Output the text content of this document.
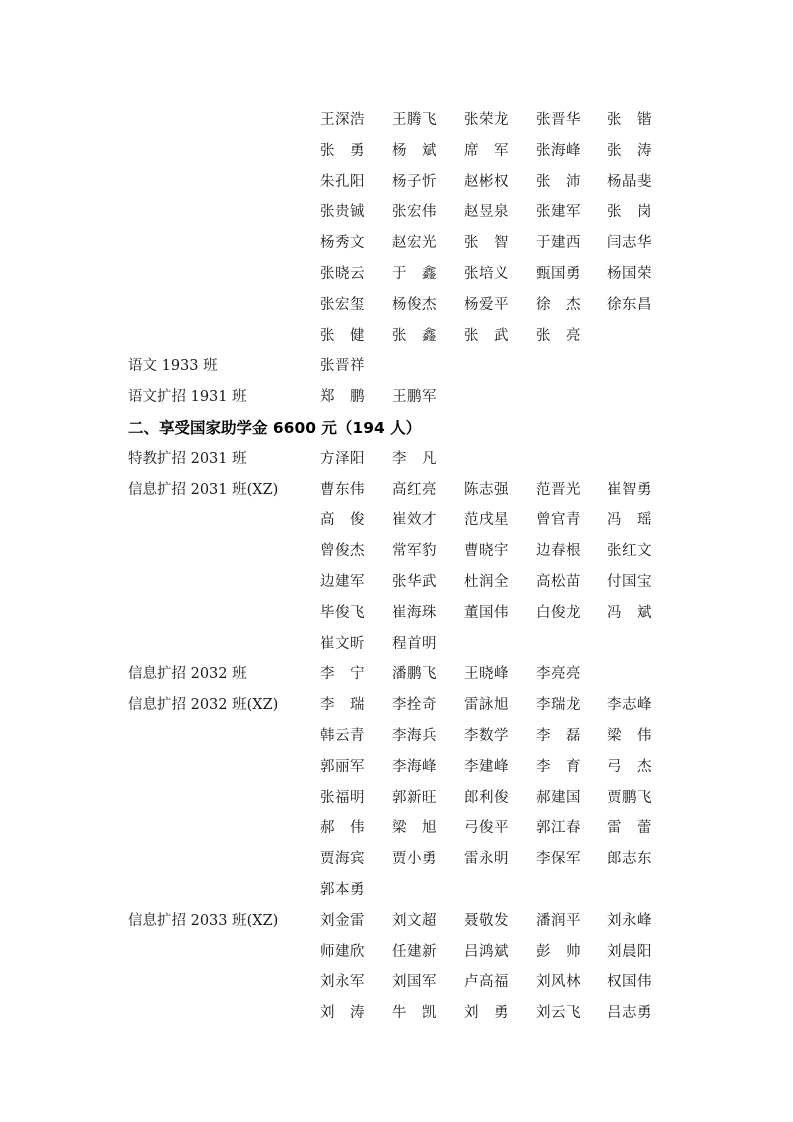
王深浩 王腾飞 张荣龙 张晋华 张　锴
张　勇 杨　斌 席　军 张海峰 张　涛
朱孔阳 杨子忻 赵彬权 张　沛 杨晶斐
张贵铖 张宏伟 赵昱泉 张建军 张　岗
杨秀文 赵宏光 张　智 于建西 闫志华
张晓云 于　鑫 张培义 甄国勇 杨国荣
张宏玺 杨俊杰 杨爱平 徐　杰 徐东昌
张　健 张　鑫 张　武 张　亮
语文 1933 班	张晋祥
语文扩招 1931 班	郑　鹏 王鹏军
二、享受国家助学金 6600 元（194 人）
特教扩招 2031 班	方泽阳 李　凡
信息扩招 2031 班(XZ)	曹东伟 高红亮 陈志强 范晋光 崔智勇
高　俊 崔效才 范戌星 曾官青 冯　瑶
曾俊杰 常军豹 曹晓宇 边春根 张红文
边建军 张华武 杜润全 高松苗 付国宝
毕俊飞 崔海珠 董国伟 白俊龙 冯　斌
崔文昕 程首明
信息扩招 2032 班	李　宁 潘鹏飞 王晓峰 李亮亮
信息扩招 2032 班(XZ)	李　瑞 李拴奇 雷詠旭 李瑞龙 李志峰
韩云青 李海兵 李数学 李　磊 梁　伟
郭丽军 李海峰 李建峰 李　育 弓　杰
张福明 郭新旺 郎利俊 郝建国 贾鹏飞
郝　伟 梁　旭 弓俊平 郭江春 雷　蕾
贾海宾 贾小勇 雷永明 李保军 郎志东
郭本勇
信息扩招 2033 班(XZ)	刘金雷 刘文超 聂敬发 潘润平 刘永峰
师建欣 任建新 吕鸿斌 彭　帅 刘晨阳
刘永军 刘国军 卢高福 刘风林 权国伟
刘　涛 牛　凯 刘　勇 刘云飞 吕志勇
